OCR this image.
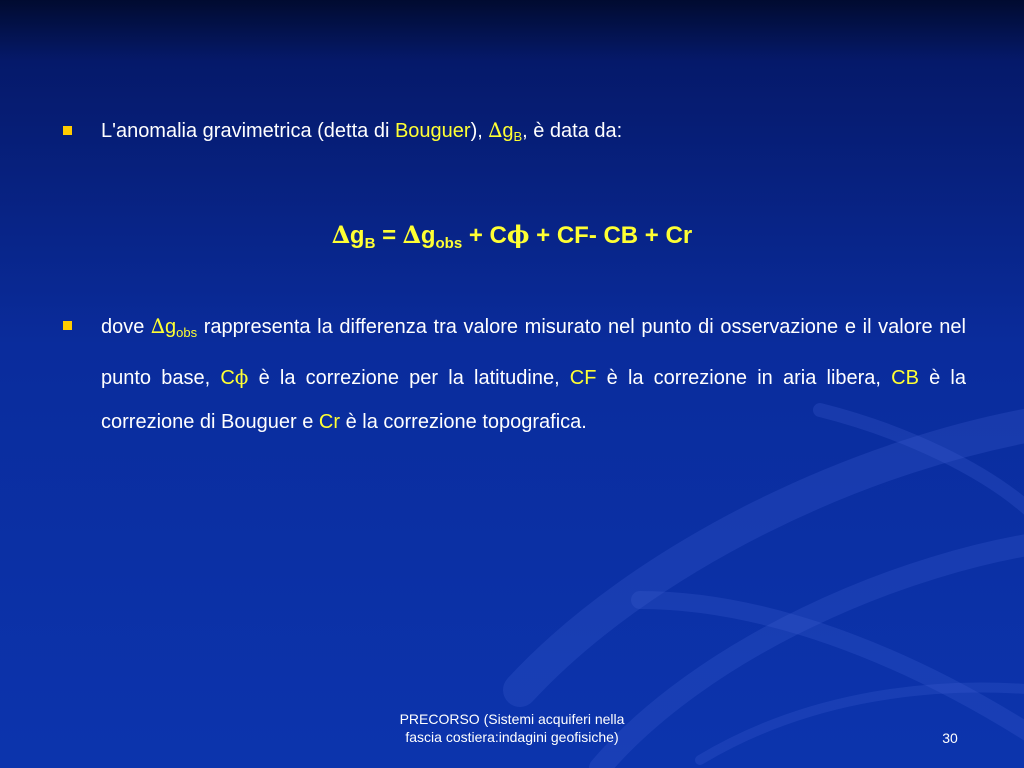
L'anomalia gravimetrica (detta di Bouguer), $\Delta g_B$, è data da:
$\Delta g_B = \Delta g_{obs} + C\phi + CF-$ CB + Cr
dove $\Delta g_{obs}$ rappresenta la differenza tra valore misurato nel punto di osservazione e il valore nel punto base, Cϕ è la correzione per la latitudine, CF è la correzione in aria libera, CB è la correzione di Bouguer e Cr è la correzione topografica.
PRECORSO (Sistemi acquiferi nella
fascia costiera:indagini geofisiche)	30
